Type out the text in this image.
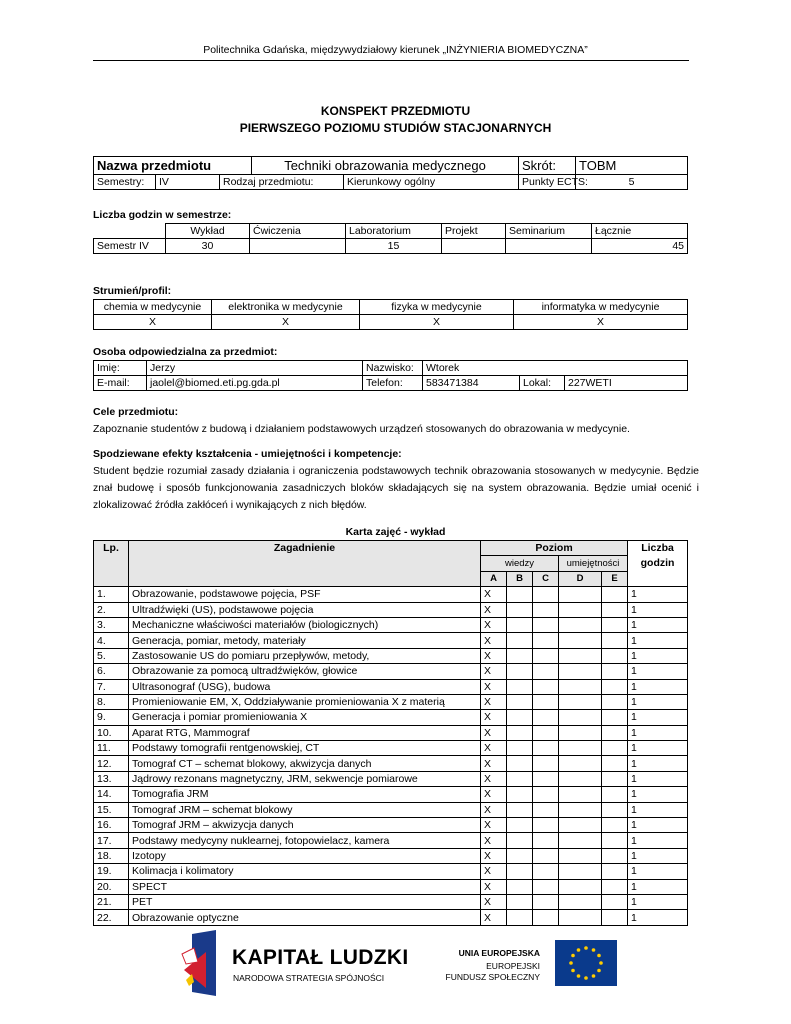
Politechnika Gdańska, międzywydziałowy kierunek „INŻYNIERIA BIOMEDYCZNA”
KONSPEKT PRZEDMIOTU
PIERWSZEGO POZIOMU STUDIÓW STACJONARNYCH
Nazwa przedmiotu			Techniki obrazowania medycznego		Skrót:	TOBM
Semestry:	IV	Rodzaj przedmiotu:		Kierunkowy ogólny	Punkty ECTS:	5
Liczba godzin w semestrze:
	Wykład	Ćwiczenia	Laboratorium	Projekt	Seminarium	Łącznie
Semestr IV	30		15			45
Strumień/profil:
chemia w medycynie	elektronika w medycynie	fizyka w medycynie	informatyka w medycynie
X	X	X	X
Osoba odpowiedzialna za przedmiot:
Imię:	Jerzy	Nazwisko:	Wtorek		
E-mail:	jaolel@biomed.eti.pg.gda.pl	Telefon:	583471384	Lokal:	227WETI
Cele przedmiotu:
Zapoznanie studentów z budową i działaniem podstawowych urządzeń stosowanych do obrazowania w medycynie.
Spodziewane efekty kształcenia - umiejętności i kompetencje:
Student będzie rozumiał zasady działania i ograniczenia podstawowych technik obrazowania stosowanych w medycynie. Będzie znał budowę i sposób funkcjonowania zasadniczych bloków składających się na system obrazowania. Będzie umiał ocenić i zlokalizować źródła zakłóceń i wynikających z nich błędów.
Karta zajęć - wykład
Lp.	Zagadnienie	Poziom					Liczba
		wiedzy			umiejętności		godzin
		A	B	C	D	E	
1.	Obrazowanie, podstawowe pojęcia, PSF	X					1
2.	Ultradźwięki (US), podstawowe pojęcia	X					1
3.	Mechaniczne właściwości materiałów (biologicznych)	X					1
4.	Generacja, pomiar, metody, materiały	X					1
5.	Zastosowanie US do pomiaru przepływów, metody,	X					1
6.	Obrazowanie za pomocą ultradźwięków, głowice	X					1
7.	Ultrasonograf (USG), budowa	X					1
8.	Promieniowanie EM, X, Oddziaływanie promieniowania X z materią	X					1
9.	Generacja i pomiar promieniowania X	X					1
10.	Aparat RTG, Mammograf	X					1
11.	Podstawy tomografii rentgenowskiej, CT	X					1
12.	Tomograf CT – schemat blokowy, akwizycja danych	X					1
13.	Jądrowy rezonans magnetyczny, JRM, sekwencje pomiarowe	X					1
14.	Tomografia JRM	X					1
15.	Tomograf JRM – schemat blokowy	X					1
16.	Tomograf JRM – akwizycja danych	X					1
17.	Podstawy medycyny nuklearnej, fotopowielacz, kamera	X					1
18.	Izotopy	X					1
19.	Kolimacja i kolimatory	X					1
20.	SPECT	X					1
21.	PET	X					1
22.	Obrazowanie optyczne	X					1
KAPITAŁ LUDZKI
NARODOWA STRATEGIA SPÓJNOŚCI
UNIA EUROPEJSKA
EUROPEJSKI
FUNDUSZ SPOŁECZNY
